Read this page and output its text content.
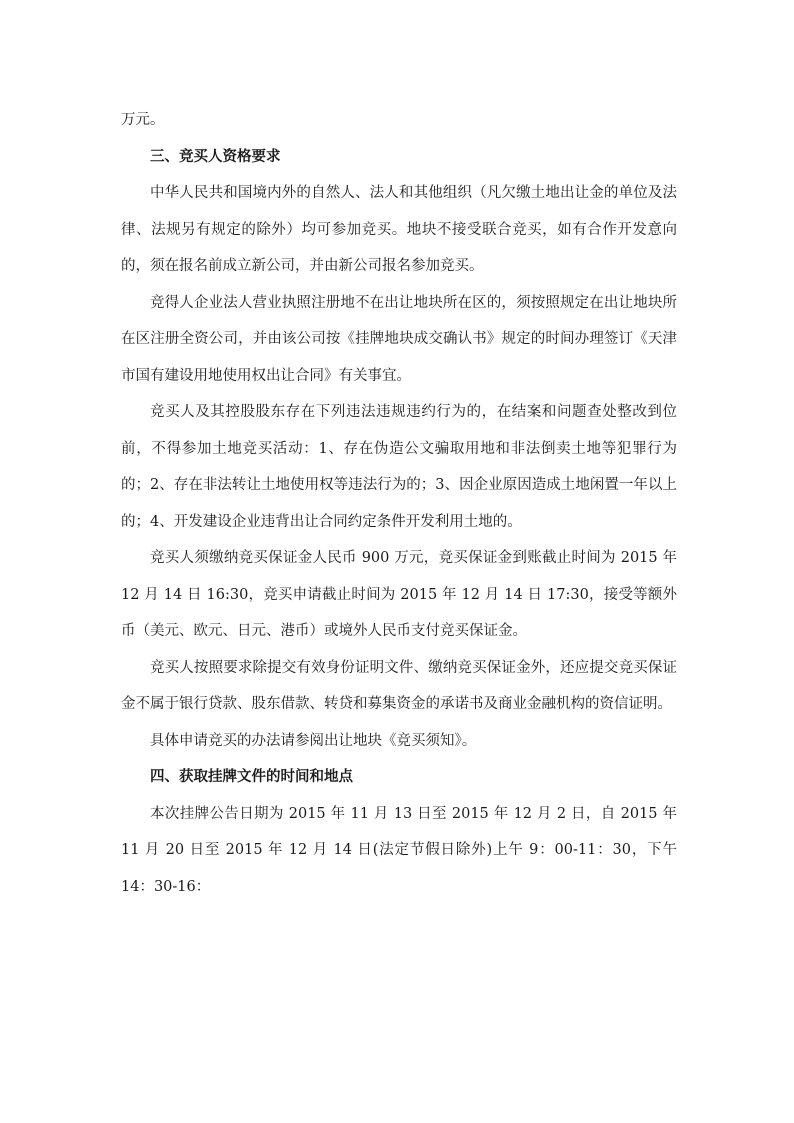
万元。

三、竞买人资格要求

中华人民共和国境内外的自然人、法人和其他组织（凡欠缴土地出让金的单位及法律、法规另有规定的除外）均可参加竞买。地块不接受联合竞买，如有合作开发意向的，须在报名前成立新公司，并由新公司报名参加竞买。

竞得人企业法人营业执照注册地不在出让地块所在区的，须按照规定在出让地块所在区注册全资公司，并由该公司按《挂牌地块成交确认书》规定的时间办理签订《天津市国有建设用地使用权出让合同》有关事宜。

竞买人及其控股股东存在下列违法违规违约行为的，在结案和问题查处整改到位前，不得参加土地竞买活动：1、存在伪造公文骗取用地和非法倒卖土地等犯罪行为的；2、存在非法转让土地使用权等违法行为的；3、因企业原因造成土地闲置一年以上的；4、开发建设企业违背出让合同约定条件开发利用土地的。

竞买人须缴纳竞买保证金人民币 900 万元，竞买保证金到账截止时间为 2015 年 12 月 14 日 16:30，竞买申请截止时间为 2015 年 12 月 14 日 17:30，接受等额外币（美元、欧元、日元、港币）或境外人民币支付竞买保证金。

竞买人按照要求除提交有效身份证明文件、缴纳竞买保证金外，还应提交竞买保证金不属于银行贷款、股东借款、转贷和募集资金的承诺书及商业金融机构的资信证明。

具体申请竞买的办法请参阅出让地块《竞买须知》。

四、获取挂牌文件的时间和地点

本次挂牌公告日期为 2015 年 11 月 13 日至 2015 年 12 月 2 日，自 2015 年 11 月 20 日至 2015 年 12 月 14 日(法定节假日除外)上午 9：00-11：30，下午 14：30-16：
